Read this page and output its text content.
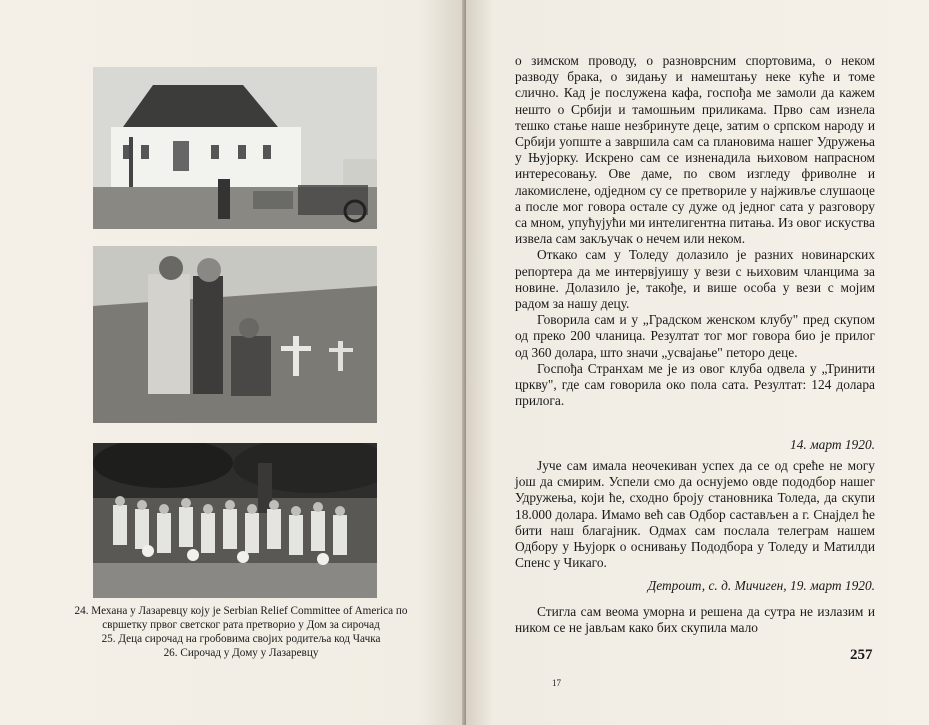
24. Механа у Лазаревцу коју је Serbian Relief Committee of America по свршетку првог светског рата претворио у Дом за сирочад

25. Деца сирочад на гробовима својих родитеља код Чачка

26. Сирочад у Дому у Лазаревцу

о зимском проводу, о разноврсним спортовима, о неком разводу брака, о зидању и намештању неке куће и томе слично. Кад је послужена кафа, госпођа ме замоли да кажем нешто о Србији и тамошњим приликама. Прво сам изнела тешко стање наше незбринуте деце, затим о српском народу и Србији уопште а завршила сам са плановима нашег Удружења у Њујорку. Искрено сам се изненадила њиховом напрасном интересовању. Ове даме, по свом изгледу фриволне и лакомислене, одједном су се претвориле у најживље слушаоце а после мог говора остале су дуже од једног сата у разговору са мном, упућујући ми интелигентна питања. Из овог искуства извела сам закључак о нечем или неком.

Откако сам у Толеду долазило је разних новинарских репортера да ме интервјуишу у вези с њиховим чланцима за новине. Долазило је, такође, и више особа у вези с мојим радом за нашу децу.

Говорила сам и у „Градском женском клубу" пред скупом од преко 200 чланица. Резултат тог мог говора био је прилог од 360 долара, што значи „усвајање" петоро деце.

Госпођа Странхам ме је из овог клуба одвела у „Тринити цркву", где сам говорила око пола сата. Резултат: 124 долара прилога.

14. март 1920.

Јуче сам имала неочекиван успех да се од среће не могу још да смирим. Успели смо да оснујемо овде пододбор нашег Удружења, који ће, сходно броју становника Толеда, да скупи 18.000 долара. Имамо већ сав Одбор састављен а г. Снајдел ће бити наш благајник. Одмах сам послала телеграм нашем Одбору у Њујорк о оснивању Пододбора у Толеду и Матилди Спенс у Чикаго.

Детроит, с. д. Мичиген, 19. март 1920.

Стигла сам веома уморна и решена да сутра не излазим и ником се не јављам како бих скупила мало

257
17
